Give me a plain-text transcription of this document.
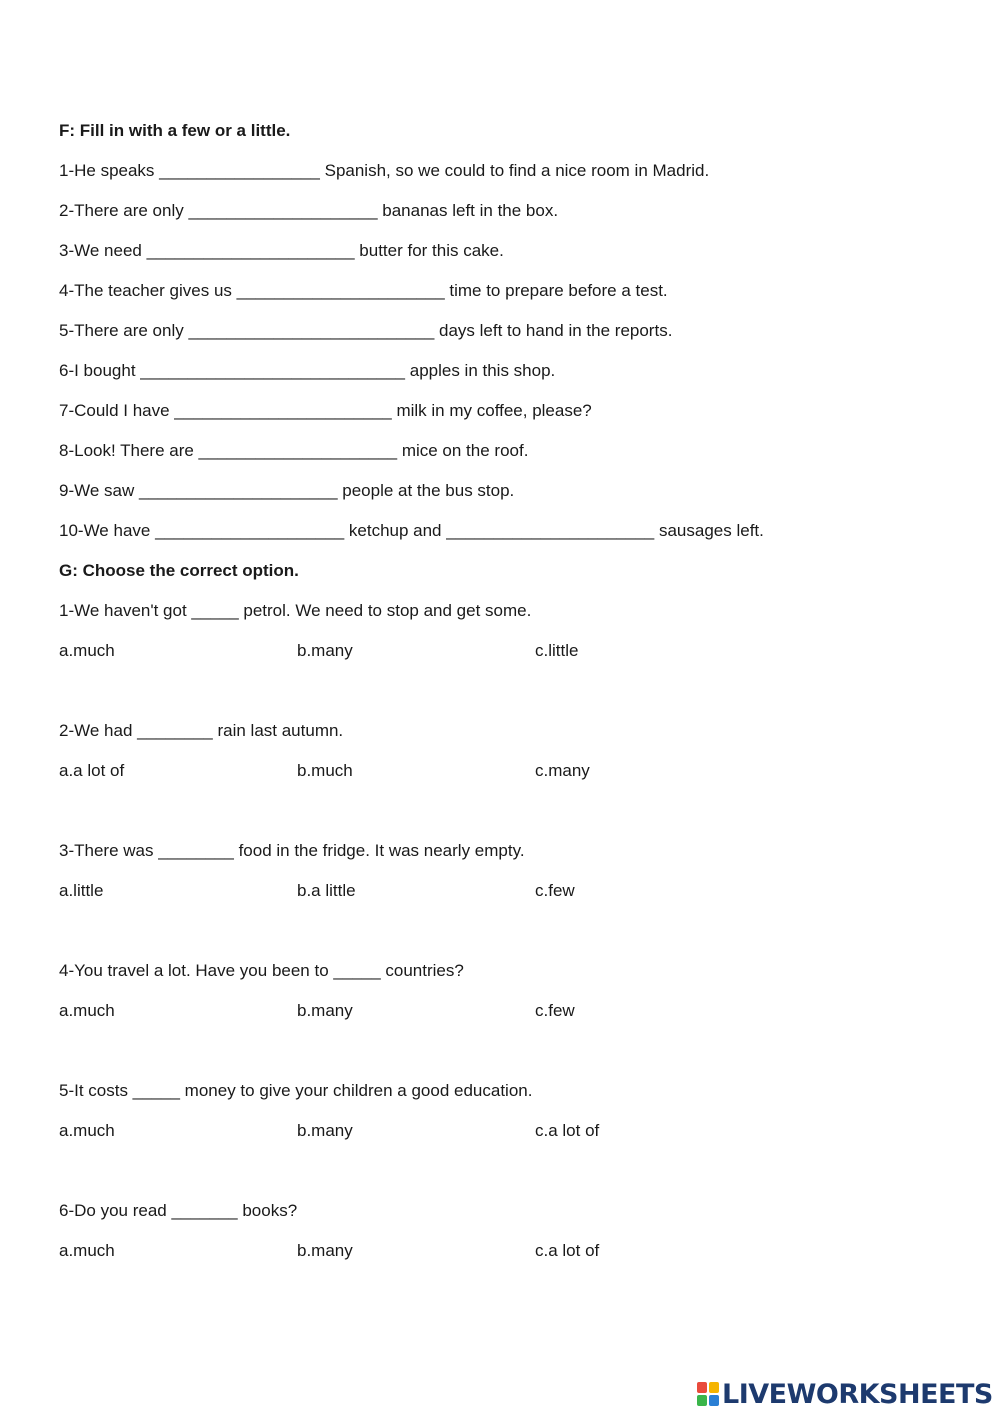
F: Fill in with a few or a little.
1-He speaks _________________ Spanish, so we could to find a nice room in Madrid.
2-There are only ____________________ bananas left in the box.
3-We need ______________________ butter for this cake.
4-The teacher gives us ______________________ time to prepare before a test.
5-There are only __________________________ days left to hand in the reports.
6-I bought ____________________________ apples in this shop.
7-Could I have _______________________ milk in my coffee, please?
8-Look! There are _____________________ mice on the roof.
9-We saw _____________________ people at the bus stop.
10-We have ____________________ ketchup and ______________________ sausages left.
G: Choose the correct option.
1-We haven't got _____ petrol. We need to stop and get some.
a.much	b.many	c.little
2-We had ________ rain last autumn.
a.a lot of	b.much	c.many
3-There was ________ food in the fridge. It was nearly empty.
a.little	b.a little	c.few
4-You travel a lot. Have you been to _____ countries?
a.much	b.many	c.few
5-It costs _____ money to give your children a good education.
a.much	b.many	c.a lot of
6-Do you read _______ books?
a.much	b.many	c.a lot of
LIVEWORKSHEETS
